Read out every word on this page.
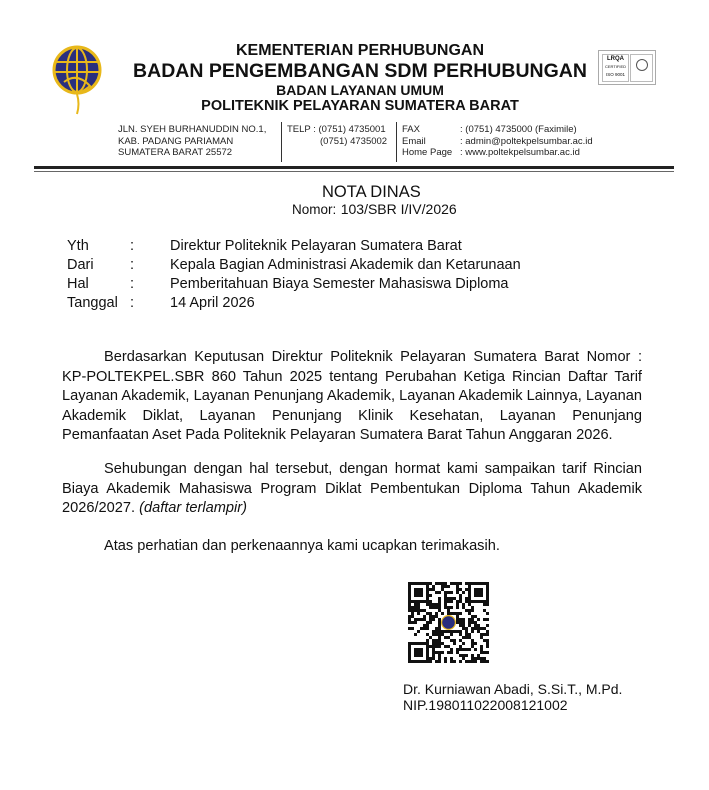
KEMENTERIAN PERHUBUNGAN
BADAN PENGEMBANGAN SDM PERHUBUNGAN
BADAN LAYANAN UMUM
POLITEKNIK PELAYARAN SUMATERA BARAT
LRQA
CERTIFIED
ISO 9001
JLN. SYEH BURHANUDDIN NO.1,
KAB. PADANG PARIAMAN
SUMATERA BARAT 25572
TELP : (0751) 4735001
(0751) 4735002
FAX	: (0751) 4735000 (Faximile)
Email	: admin@poltekpelsumbar.ac.id
Home Page : www.poltekpelsumbar.ac.id
NOTA DINAS
Nomor: 103/SBR I/IV/2026
Yth	: Direktur Politeknik Pelayaran Sumatera Barat
Dari	: Kepala Bagian Administrasi Akademik dan Ketarunaan
Hal	: Pemberitahuan Biaya Semester Mahasiswa Diploma
Tanggal : 14 April 2026
Berdasarkan Keputusan Direktur Politeknik Pelayaran Sumatera Barat Nomor : KP-POLTEKPEL.SBR 860 Tahun 2025 tentang Perubahan Ketiga Rincian Daftar Tarif Layanan Akademik, Layanan Penunjang Akademik, Layanan Akademik Lainnya, Layanan Akademik Diklat, Layanan Penunjang Klinik Kesehatan, Layanan Penunjang Pemanfaatan Aset Pada Politeknik Pelayaran Sumatera Barat Tahun Anggaran 2026.
Sehubungan dengan hal tersebut, dengan hormat kami sampaikan tarif Rincian Biaya Akademik Mahasiswa Program Diklat Pembentukan Diploma Tahun Akademik 2026/2027. (daftar terlampir)
Atas perhatian dan perkenaannya kami ucapkan terimakasih.
Dr. Kurniawan Abadi, S.Si.T., M.Pd.
NIP.198011022008121002
